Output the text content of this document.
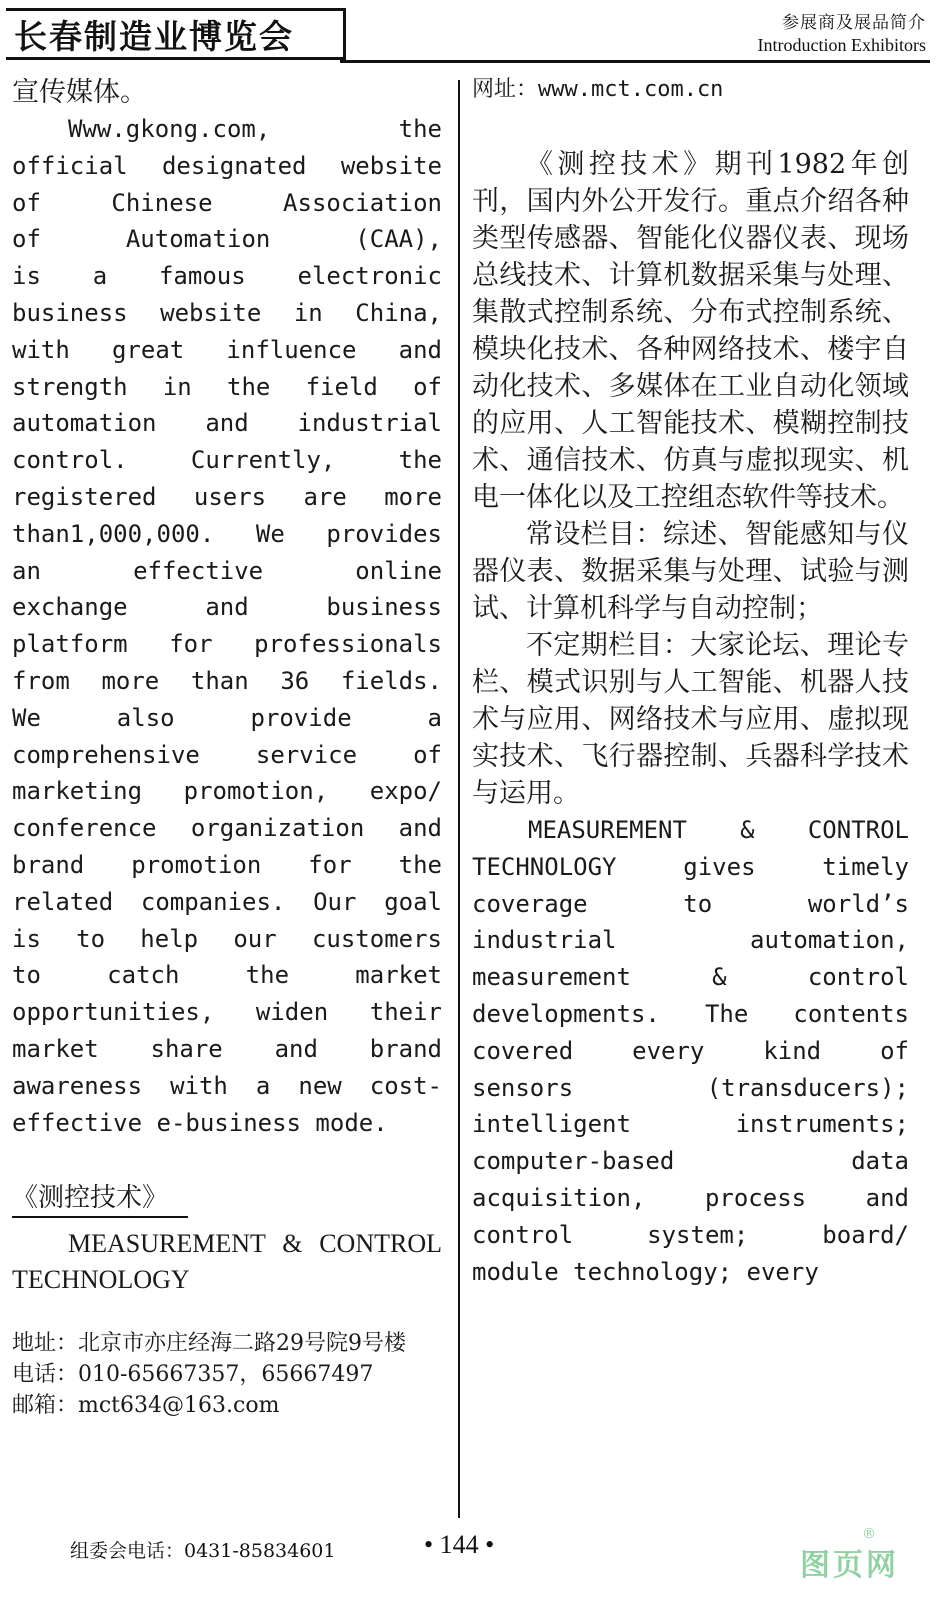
长春制造业博览会	参展商及展品简介
Introduction Exhibitors
宣传媒体。
Www.gkong.com, the
official designated website
of Chinese Association
of Automation (CAA),
is a famous electronic
business website in China,
with great influence and
strength in the field of
automation and industrial
control. Currently, the
registered users are more
than1,000,000. We provides
an effective online
exchange and business
platform for professionals
from more than 36 fields.
We also provide a
comprehensive service of
marketing promotion, expo/
conference organization and
brand promotion for the
related companies. Our goal
is to help our customers
to catch the market
opportunities, widen their
market share and brand
awareness with a new cost-
effective e-business mode.
《测控技术》
MEASUREMENT & CONTROL
TECHNOLOGY
地址：北京市亦庄经海二路29号院9号楼
电话：010-65667357，65667497
邮箱：mct634@163.com
网址：www.mct.com.cn
《测控技术》期刊1982年创刊，国内外公开发行。重点介绍各种类型传感器、智能化仪器仪表、现场总线技术、计算机数据采集与处理、集散式控制系统、分布式控制系统、模块化技术、各种网络技术、楼宇自动化技术、多媒体在工业自动化领域的应用、人工智能技术、模糊控制技术、通信技术、仿真与虚拟现实、机电一体化以及工控组态软件等技术。
常设栏目：综述、智能感知与仪器仪表、数据采集与处理、试验与测试、计算机科学与自动控制；
不定期栏目：大家论坛、理论专栏、模式识别与人工智能、机器人技术与应用、网络技术与应用、虚拟现实技术、飞行器控制、兵器科学技术与运用。
MEASUREMENT & CONTROL
TECHNOLOGY gives timely
coverage to world’s
industrial automation,
measurement & control
developments. The contents
covered every kind of
sensors (transducers);
intelligent instruments;
computer-based data
acquisition, process and
control system; board/
module technology; every
组委会电话：0431-85834601	• 144 •
图页网
®
